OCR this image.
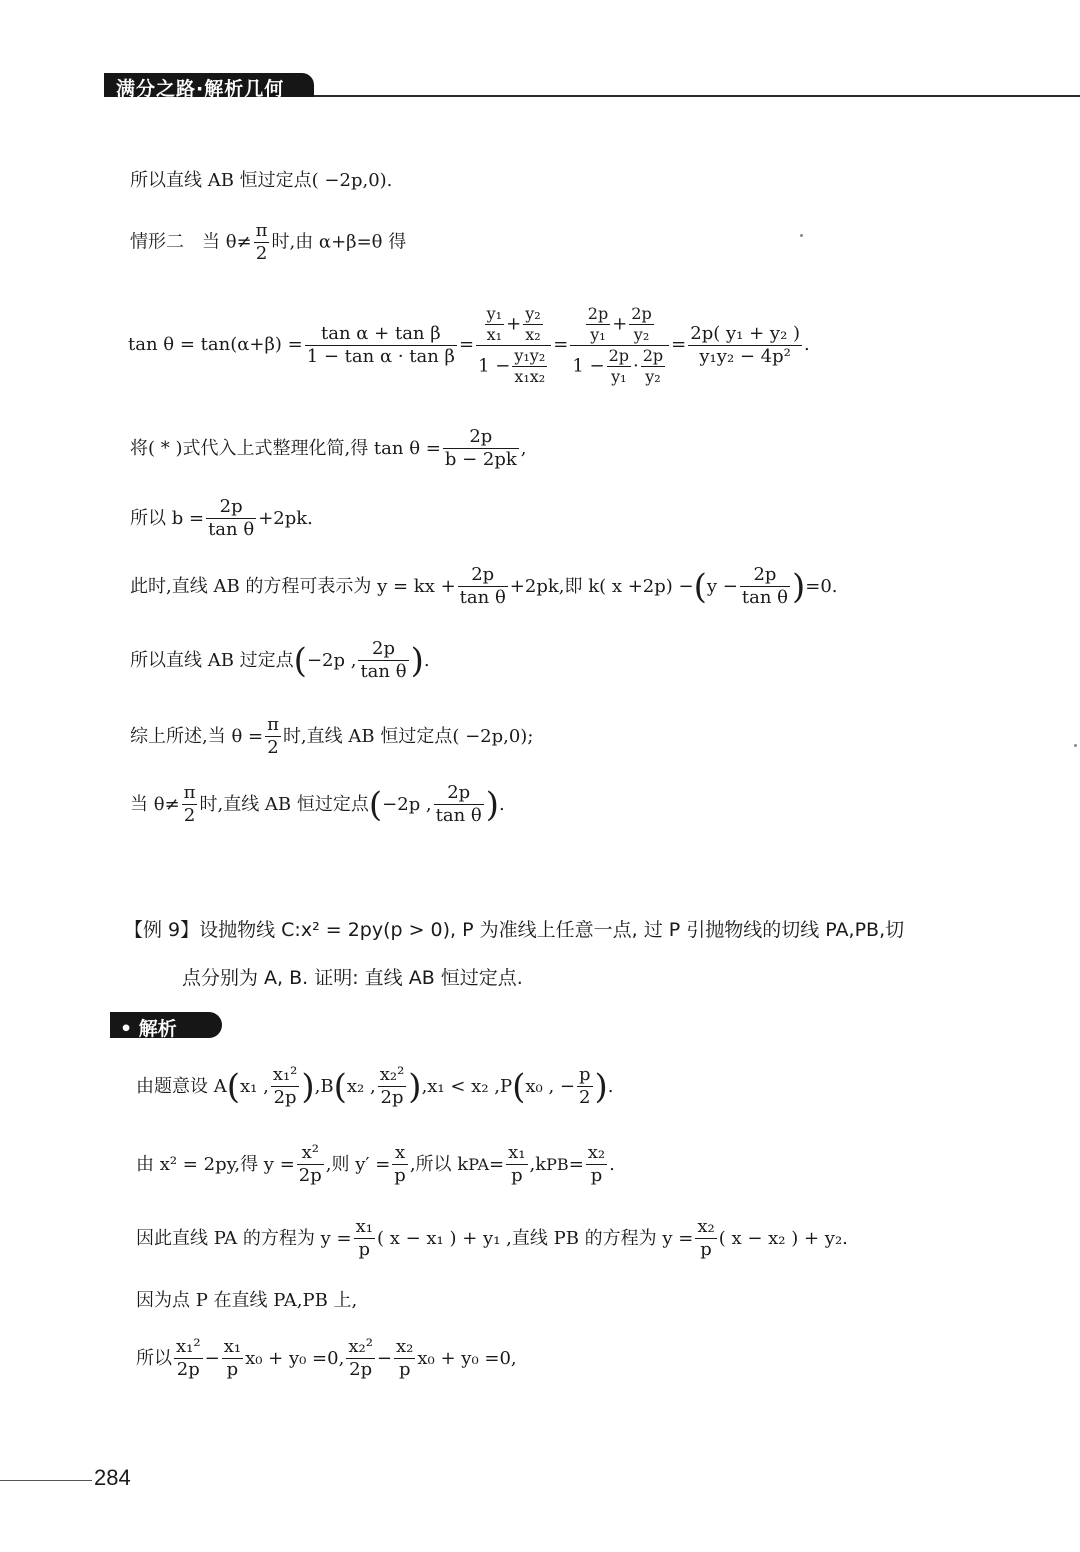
满分之路·解析几何
所以直线 AB 恒过定点( −2p,0).
情形二　当 $\theta\ne \frac{\pi}{2}$ 时,由 α+β=θ 得
$\tan \theta = \tan(\alpha+\beta) = \frac{\text{tan α + tan β}}{\text{1 − tan α · tan β}} = \frac{\frac{\text{y₁}}{\text{x₁}} + \frac{\text{y₂}}{\text{x₂}}}{1 - \frac{\text{y₁y₂}}{\text{x₁x₂}}} = \frac{\frac{2p}{\text{y₁}} + \frac{2p}{\text{y₂}}}{1 - \frac{2p}{\text{y₁}} \cdot \frac{2p}{\text{y₂}}} = \frac{\text{2p( y₁ + y₂ )}}{\text{y₁y₂ − 4p²}}$ .
将( * )式代入上式整理化简,得 $\tan \theta = \frac{2p}{b - 2pk}$ ,
所以 $b = \frac{2p}{\text{tan θ}} +2pk$.
此时,直线 AB 的方程可表示为 y = kx + $\frac{2p}{\text{tan θ}} +2pk$,即 k( x +2p) − ( $y - \frac{2p}{\text{tan θ}}$ ) =0.
所以直线 AB 过定点 ( −2p , $\frac{2p}{\text{tan θ}}$ ) .
综上所述,当 $\theta = \frac{\pi}{2}$ 时,直线 AB 恒过定点( −2p,0);
当 $\theta\ne \frac{\pi}{2}$ 时,直线 AB 恒过定点 ( −2p , $\frac{2p}{\text{tan θ}}$ ) .
【例 9】设抛物线 C:x² = 2py(p > 0), P 为准线上任意一点, 过 P 引抛物线的切线 PA,PB,切
点分别为 A, B. 证明: 直线 AB 恒过定点.
• 解析
由题意设 A ( x₁ , $\frac{\text{x₁²}}{2p}$ ) ,B ( x₂ , $\frac{\text{x₂²}}{2p}$ ) ,x₁ < x₂ ,P ( x₀ , − $\frac{p}{2}$ ) .
由 x² = 2py,得 $y = \frac{\text{x²}}{2p}$ ,则 $y' = \frac{x}{p}$ ,所以 k PA = $\frac{\text{x₁}}{p} ,k$ PB = $\frac{\text{x₂}}{p}$ .
因此直线 PA 的方程为 $y = \frac{\text{x₁}}{p}$ ( x − x₁ ) + y₁ ,直线 PB 的方程为 $y = \frac{\text{x₂}}{p}$ ( x − x₂ ) + y₂.
因为点 P 在直线 PA,PB 上,
所以 $\frac{\text{x₁²}}{2p} - \frac{\text{x₁}}{p} x_0 + y_0 =0$, $\frac{\text{x₂²}}{2p} - \frac{\text{x₂}}{p} x_0 + y_0 =0$,
284
